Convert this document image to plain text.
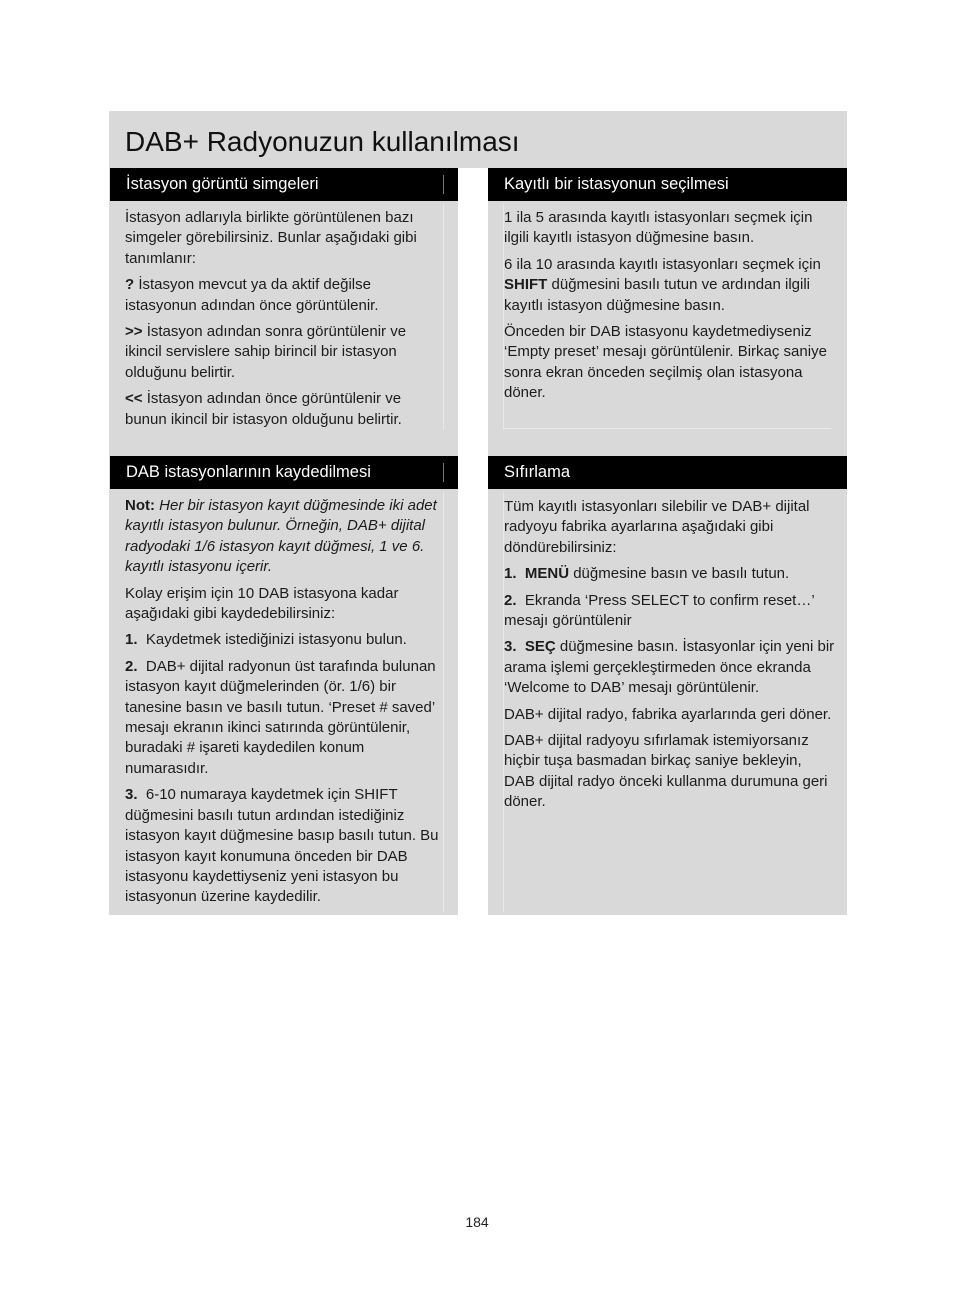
DAB+ Radyonuzun kullanılması
İstasyon görüntü simgeleri

İstasyon adlarıyla birlikte görüntülenen bazı simgeler görebilirsiniz. Bunlar aşağıdaki gibi tanımlanır:

? İstasyon mevcut ya da aktif değilse istasyonun adından önce görüntülenir.

>> İstasyon adından sonra görüntülenir ve ikincil servislere sahip birincil bir istasyon olduğunu belirtir.

<< İstasyon adından önce görüntülenir ve bunun ikincil bir istasyon olduğunu belirtir.

Kayıtlı bir istasyonun seçilmesi

1 ila 5 arasında kayıtlı istasyonları seçmek için ilgili kayıtlı istasyon düğmesine basın.

6 ila 10 arasında kayıtlı istasyonları seçmek için SHIFT düğmesini basılı tutun ve ardından ilgili kayıtlı istasyon düğmesine basın.

Önceden bir DAB istasyonu kaydetmediyseniz ‘Empty preset’ mesajı görüntülenir. Birkaç saniye sonra ekran önceden seçilmiş olan istasyona döner.

DAB istasyonlarının kaydedilmesi

Not: Her bir istasyon kayıt düğmesinde iki adet kayıtlı istasyon bulunur. Örneğin, DAB+ dijital radyodaki 1/6 istasyon kayıt düğmesi, 1 ve 6. kayıtlı istasyonu içerir.

Kolay erişim için 10 DAB istasyona kadar aşağıdaki gibi kaydedebilirsiniz:

1. Kaydetmek istediğinizi istasyonu bulun.

2. DAB+ dijital radyonun üst tarafında bulunan istasyon kayıt düğmelerinden (ör. 1/6) bir tanesine basın ve basılı tutun. ‘Preset # saved’ mesajı ekranın ikinci satırında görüntülenir, buradaki # işareti kaydedilen konum numarasıdır.

3. 6-10 numaraya kaydetmek için SHIFT düğmesini basılı tutun ardından istediğiniz istasyon kayıt düğmesine basıp basılı tutun. Bu istasyon kayıt konumuna önceden bir DAB istasyonu kaydettiyseniz yeni istasyon bu istasyonun üzerine kaydedilir.

Sıfırlama

Tüm kayıtlı istasyonları silebilir ve DAB+ dijital radyoyu fabrika ayarlarına aşağıdaki gibi döndürebilirsiniz:

1. MENÜ düğmesine basın ve basılı tutun.

2. Ekranda ‘Press SELECT to confirm reset…’ mesajı görüntülenir

3. SEÇ düğmesine basın. İstasyonlar için yeni bir arama işlemi gerçekleştirmeden önce ekranda ‘Welcome to DAB’ mesajı görüntülenir.

DAB+ dijital radyo, fabrika ayarlarında geri döner.

DAB+ dijital radyoyu sıfırlamak istemiyorsanız hiçbir tuşa basmadan birkaç saniye bekleyin, DAB dijital radyo önceki kullanma durumuna geri döner.

184
